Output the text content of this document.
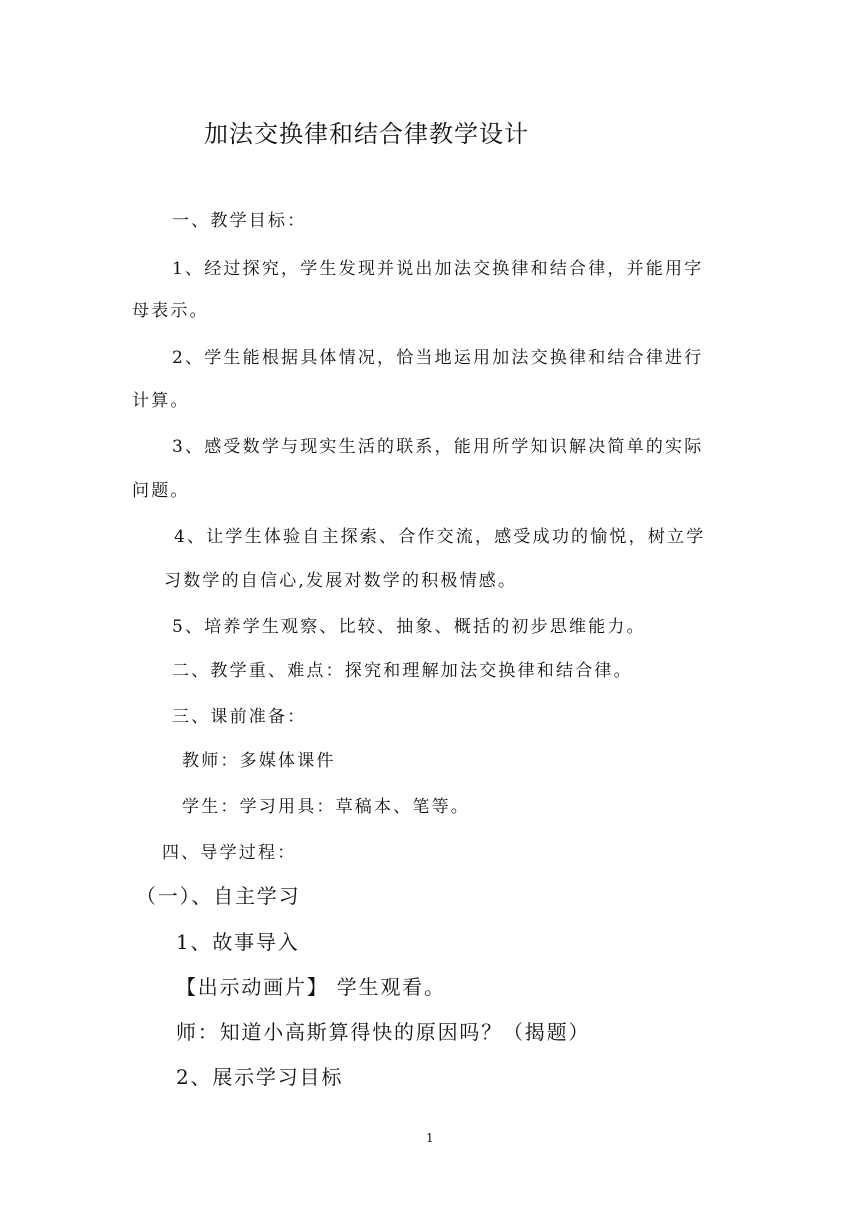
加法交换律和结合律教学设计
一、教学目标：
1、经过探究，学生发现并说出加法交换律和结合律，并能用字
母表示。
2、学生能根据具体情况，恰当地运用加法交换律和结合律进行
计算。
3、感受数学与现实生活的联系，能用所学知识解决简单的实际
问题。
4、让学生体验自主探索、合作交流，感受成功的愉悦，树立学
习数学的自信心,发展对数学的积极情感。
5、培养学生观察、比较、抽象、概括的初步思维能力。
二、教学重、难点：探究和理解加法交换律和结合律。
三、课前准备：
教师：多媒体课件
学生：学习用具：草稿本、笔等。
四、导学过程：
（一）、自主学习
1、故事导入
【出示动画片】 学生观看。
师：知道小高斯算得快的原因吗？（揭题）
2、展示学习目标
1
